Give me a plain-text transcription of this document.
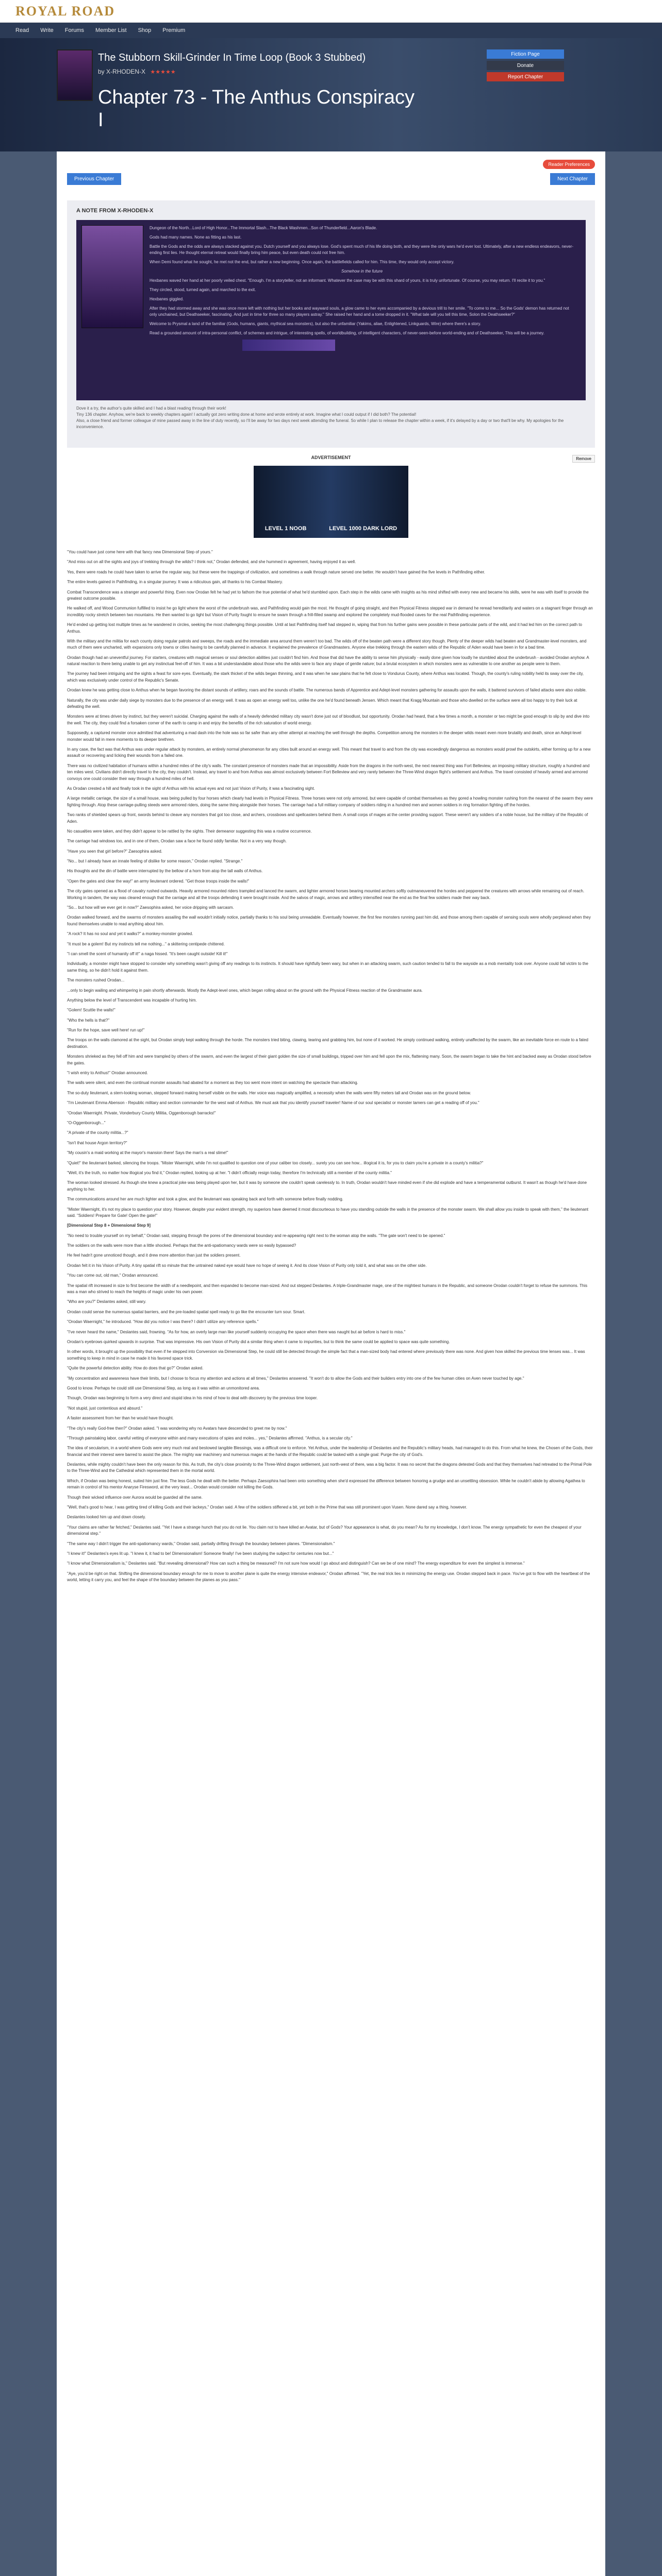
ROYAL ROAD
Read Write Forums Member List Shop Premium
The Stubborn Skill-Grinder In Time Loop (Book 3 Stubbed)
by X-RHODEN-X ★★★★★
Chapter 73 - The Anthus Conspiracy I
Fiction Page
Donate
Report Chapter
Reader Preferences
Previous Chapter	Next Chapter
A NOTE FROM X-RHODEN-X

Dungeon of the North...Lord of High Honor...The Immortal Slash...The Black Washmen...Son of Thunderfield...Aaron's Blade.

Gods had many names. None as fitting as his last.

Battle the Gods and the odds are always stacked against you. Dutch yourself and you always lose. God's spent much of his life doing both, and they were the only wars he'd ever lost. Ultimately, after a new endless endeavors, never-ending first lies. He thought eternal retreat would finally bring him peace, but even death could not free him.

When Demi found what he sought, he met not the end, but rather a new beginning. Once again, the battlefields called for him. This time, they would only accept victory.

Somehow in the future

Hexbanes waved her hand at her poorly veiled chest. "Enough. I'm a storyteller, not an informant. Whatever the case may be with this shard of yours, it is truly unfortunate. Of course, you may return. I'll recite it to you."

They circled, stood, turned again, and marched to the exit.

Hexbanes giggled.

After they had stormed away and she was once more left with nothing but her books and wayward souls, a glow came to her eyes accompanied by a devious trill to her smile. "To come to me... So the Gods' demon has returned not only unchained, but Deathseeker, fascinating. And just in time for three so many players astray." She raised her hand and a tome dropped in it. "What tale will you tell this time, Solon the Deathseeker?"

Welcome to Prysmal a land of the familiar (Gods, humans, giants, mythical sea monsters), but also the unfamiliar (Yakims, aliae, Enlightened, Linkguards, Wire) where there's a story.

Read a grounded amount of intra-personal conflict, of schemes and intrigue, of interesting spells, of worldbuilding, of intelligent characters, of never-seen-before world-ending and of Deathseeker, This will be a journey.

Dove it a try, the author's quite skilled and I had a blast reading through their work!

Tiny 136 chapter. Anyhow, we're back to weekly chapters again! I actually got zero writing done at home and wrote entirely at work. Imagine what I could output if I did both? The potential!

Also, a close friend and former colleague of mine passed away in the line of duty recently, so I'll be away for two days next week attending the funeral. So while I plan to release the chapter within a week, if it's delayed by a day or two that'll be why. My apologies for the inconvenience.

ADVERTISEMENT	Remove
LEVEL 1 NOOB	LEVEL 1000 DARK LORD

"You could have just come here with that fancy new Dimensional Step of yours."

"And miss out on all the sights and joys of trekking through the wilds? I think not," Orodan defended, and she hummed in agreement, having enjoyed it as well.

Yes, there were roads he could have taken to arrive the regular way, but these were the trappings of civilization, and sometimes a walk through nature served one better. He wouldn't have gained the five levels in Pathfinding either.

The entire levels gained in Pathfinding, in a singular journey. It was a ridiculous gain, all thanks to his Combat Mastery.

Combat Transcendence was a stranger and powerful thing. Even now Orodan felt he had yet to fathom the true potential of what he'd stumbled upon. Each step in the wilds came with insights as his mind shifted with every new and became his skills, were he was with itself to provide the greatest outcome possible.

He walked off, and Wood Communion fulfilled to insist he go light where the worst of the underbrush was, and Pathfinding would gain the most. He thought of going straight, and then Physical Fitness stepped war in demand he reread hereditarily and waters on a stagnant finger through an incredibly rocky stretch between two mountains. He then wanted to go tight but Vision of Purity fought to ensure he swam through a frill-filled swamp and explored the completely mud-flooded caves for the real Pathfinding experience.

He'd ended up getting lost multiple times as he wandered in circles, seeking the most challenging things possible. Until at last Pathfinding itself had stepped in, wiping that from his further gains were possible in these particular parts of the wild, and it had led him on the correct path to Anthus.

With the military and the militia for each county doing regular patrols and sweeps, the roads and the immediate area around them weren't too bad. The wilds off of the beaten path were a different story though. Plenty of the deeper wilds had beaten and Grandmaster-level monsters, and much of them were uncharted, with expansions only towns or cities having to be carefully planned in advance. It explained the prevalence of Grandmasters. Anyone else trekking through the eastern wilds of the Republic of Aden would have been in for a bad time.

Orodan though had an uneventful journey. For starters, creatures with magical senses or soul detection abilities just couldn't find him. And those that did have the ability to sense him physically - easily done given how loudly he stumbled about the underbrush - avoided Orodan anyhow. A natural reaction to there being unable to get any instinctual feel-off of him. It was a bit understandable about those who the wilds were to face any shape of gentle nature; but a brutal ecosystem in which monsters were as vulnerable to one another as people were to them.

The journey had been intriguing and the sights a feast for sore eyes. Eventually, the stark thicket of the wilds began thinning, and it was when he saw plains that he felt close to Vondurus County, where Anthus was located. Though, the county's ruling nobility held its sway over the city, which was exclusively under control of the Republic's Senate.

Orodan knew he was getting close to Anthus when he began favoring the distant sounds of artillery, roars and the sounds of battle. The numerous bands of Apprentice and Adept-level monsters gathering for assaults upon the walls, it battered survivors of failed attacks were also visible.

Naturally, the city was under daily siege by monsters due to the presence of an energy well. It was as open an energy well too, unlike the one he'd found beneath Jensen. Which meant that Kragg Mountain and those who dwelled on the surface were all too happy to try their luck at defeating the well.

Monsters were at times driven by instinct, but they weren't suicidal. Charging against the walls of a heavily defended military city wasn't done just out of bloodlust, but opportunity. Orodan had heard, that a few times a month, a monster or two might be good enough to slip by and dive into the well. The city, they could find a forsaken corner of the earth to camp in and enjoy the benefits of the rich saturation of world energy.

Supposedly, a captured monster once admitted that adventuring a mad dash into the hole was so far safer than any other attempt at reaching the well through the depths. Competition among the monsters in the deeper wilds meant even more brutality and death, since an Adept-level monster would fall in mere moments to its deeper brethren.

In any case, the fact was that Anthus was under regular attack by monsters, an entirely normal phenomenon for any cities built around an energy well. This meant that travel to and from the city was exceedingly dangerous as monsters would prowl the outskirts, either forming up for a new assault or recovering and licking their wounds from a failed one.

There was no civilized habitation of humans within a hundred miles of the city's walls. The constant presence of monsters made that an impossibility. Aside from the dragons in the north-west, the next nearest thing was Fort Belleview, an imposing military structure, roughly a hundred and ten miles west. Civilians didn't directly travel to the city, they couldn't. Instead, any travel to and from Anthus was almost exclusively between Fort Belleview and very rarely between the Three-Wind dragon flight's settlement and Anthus. The travel consisted of heavily armed and armored convoys one could consider their way through a hundred miles of hell.

As Orodan crested a hill and finally took in the sight of Anthus with his actual eyes and not just Vision of Purity, it was a fascinating sight.

A large metallic carriage, the size of a small house, was being pulled by four horses which clearly had levels in Physical Fitness. Three horses were not only armored, but were capable of combat themselves as they gored a howling monster rushing from the nearest of the swarm they were fighting through. Atop these carriage-pulling steeds were armored riders, doing the same thing alongside their horses. The carriage had a full military company of soldiers riding in a hundred men and women soldiers in ring formation fighting off the hordes.

Two ranks of shielded spears up front, swords behind to cleave any monsters that got too close, and archers, crossbows and spellcasters behind them. A small corps of mages at the center providing support. These weren't any soldiers of a noble house, but the military of the Republic of Aden.

No casualties were taken, and they didn't appear to be rattled by the sights. Their demeanor suggesting this was a routine occurrence.

The carriage had windows too, and in one of them, Orodan saw a face he found oddly familiar. Not in a very way though.

"Have you seen that girl before?" Zaesophira asked.

"No... but I already have an innate feeling of dislike for some reason," Orodan replied. "Strange."

His thoughts and the din of battle were interrupted by the bellow of a horn from atop the tall walls of Anthus.

"Open the gates and clear the way!" an army lieutenant ordered. "Get those troops inside the walls!"

The city gates opened as a flood of cavalry rushed outwards. Heavily armored mounted riders trampled and lanced the swarm, and lighter armored horses bearing mounted archers softly outmaneuvered the hordes and peppered the creatures with arrows while remaining out of reach. Working in tandem, the way was cleared enough that the carriage and all the troops defending it were brought inside. And the salvos of magic, arrows and artillery intensified near the end as the final few soldiers made their way back.

"So... but how will we ever get in now?" Zaesophira asked, her voice dripping with sarcasm.

Orodan walked forward, and the swarms of monsters assailing the wall wouldn't initially notice, partially thanks to his soul being unreadable. Eventually however, the first few monsters running past him did, and those among them capable of sensing souls were wholly perplexed when they found themselves unable to read anything about him.

"A rock? It has no soul and yet it walks?" a monkey-monster growled.

"It must be a golem! But my instincts tell me nothing..." a skittering centipede chittered.

"I can smell the scent of humanity off it!" a naga hissed. "It's been caught outside! Kill it!"

Individually, a monster might have stopped to consider why something wasn't giving off any readings to its instincts. It should have rightfully been wary, but when in an attacking swarm, such caution tended to fall to the wayside as a mob mentality took over. Anyone could fall victim to the same thing, so he didn't hold it against them.

The monsters rushed Orodan...

...only to begin wailing and whimpering in pain shortly afterwards. Mostly the Adept-level ones, which began rolling about on the ground with the Physical Fitness reaction of the Grandmaster aura.

Anything below the level of Transcendent was incapable of hurting him.

"Golem! Scuttle the walls!"

"Who the hells is that?"

"Run for the hope, save well here! run up!"

The troops on the walls clamored at the sight, but Orodan simply kept walking through the horde. The monsters tried biting, clawing, tearing and grabbing him, but none of it worked. He simply continued walking, entirely unaffected by the swarm, like an inevitable force en route to a fated destination.

Monsters shrieked as they fell off him and were trampled by others of the swarm, and even the largest of their giant golden the size of small buildings, tripped over him and fell upon the mix, flattening many. Soon, the swarm began to take the hint and backed away as Orodan stood before the gates.

"I wish entry to Anthus!" Orodan announced.

The walls were silent, and even the continual monster assaults had abated for a moment as they too went more intent on watching the spectacle than attacking.

The so-duty lieutenant, a stern-looking woman, stepped forward making herself visible on the walls. Her voice was magically amplified, a necessity when the walls were fifty meters tall and Orodan was on the ground below.

"I'm Lieutenant Emma Abenson - Republic military and section commander for the west wall of Anthus. We must ask that you identify yourself traveler! Name of our soul specialist or monster tamers can get a reading off of you."

"Orodan Waernight. Private, Vonderbury County Militia, Oggenborough barracks!"

"O-Oggenborough..."

"A private of the county militia...?"

"Isn't that house Argon territory?"

"My cousin's a maid working at the mayor's mansion there! Says the man's a real slime!"

"Quiet!" the lieutenant barked, silencing the troops. "Mister Waernight, while I'm not qualified to question one of your caliber too closely... surely you can see how... illogical it is, for you to claim you're a private in a county's militia?"

"Well, it's the truth, no matter how illogical you find it," Orodan replied, looking up at her. "I didn't officially resign today, therefore I'm technically still a member of the county militia."

The woman looked stressed. As though she knew a practical joke was being played upon her, but it was by someone she couldn't speak carelessly to. In truth, Orodan wouldn't have minded even if she did explode and have a temperamental outburst. It wasn't as though he'd have done anything to her.

The communications around her are much lighter and took a glow, and the lieutenant was speaking back and forth with someone before finally nodding.

"Mister Waernight, it's not my place to question your story. However, despite your evident strength, my superiors have deemed it most discourteous to have you standing outside the walls in the presence of the monster swarm. We shall allow you inside to speak with them," the lieutenant said. "Soldiers! Prepare for Gate! Open the gate!"

[Dimensional Step 8 + Dimensional Step 9]

"No need to trouble yourself on my behalf," Orodan said, stepping through the pores of the dimensional boundary and re-appearing right next to the woman atop the walls. "The gate won't need to be opened."

The soldiers on the walls were more than a little shocked. Perhaps that the anti-spatiomancy wards were so easily bypassed?

He feel hadn't gone unnoticed though, and it drew more attention than just the soldiers present.

Orodan felt it in his Vision of Purity. A tiny spatial rift so minute that the untrained naked eye would have no hope of seeing it. And its close Vision of Purity only told it, and what was on the other side.

"You can come out, old man," Orodan announced.

The spatial rift increased in size to first become the width of a needlepoint, and then expanded to become man-sized. And out stepped Deslantes. A triple-Grandmaster mage, one of the mightiest humans in the Republic, and someone Orodan couldn't forget to refuse the summons. This was a man who strived to reach the heights of magic under his own power.

"Who are you?" Deslantes asked, still wary.

Orodan could sense the numerous spatial barriers, and the pre-loaded spatial spell ready to go like the encounter turn sour. Smart.

"Orodan Waernight," he introduced. "How did you notice I was there? I didn't utilize any reference spells."

"I've never heard the name," Deslantes said, frowning. "As for how, an overly large man like yourself suddenly occupying the space when there was naught but air before is hard to miss."

Orodan's eyebrows quirked upwards in surprise. That was impressive. His own Vision of Purity did a similar thing when it came to impurities, but to think the same could be applied to space was quite something.

In other words, it brought up the possibility that even if he stepped into Conversion via Dimensional Step, he could still be detected through the simple fact that a man-sized body had entered where previously there was none. And given how skilled the previous time lenses was... It was something to keep in mind in case he made it his favored space trick.

"Quite the powerful detection ability. How do does that go?" Orodan asked.

"My concentration and awareness have their limits, but I choose to focus my attention and actions at all times," Deslantes answered. "It won't do to allow the Gods and their builders entry into one of the few human cities on Aven never touched by age."

Good to know. Perhaps he could still use Dimensional Step, as long as it was within an unmonitored area.

Though, Orodan was beginning to form a very direct and stupid idea in his mind of how to deal with discovery by the previous time looper.

"Not stupid, just contentious and absurd."

A faster assessment from her than he would have thought.

"The city's really God-free then?" Orodan asked. "I was wondering why no Avatars have descended to greet me by now."

"Through painstaking labor, careful vetting of everyone within and many executions of spies and moles... yes," Deslantes affirmed. "Anthus, is a secular city."

The idea of secularism, in a world where Gods were very much real and bestowed tangible Blessings, was a difficult one to enforce. Yet Anthus, under the leadership of Deslantes and the Republic's military heads, had managed to do this. From what he knew, the Chosen of the Gods, their financial and their interest were barred to assist the place. The mighty war machinery and numerous mages at the hands of the Republic could be tasked with a single goal: Purge the city of God's.

Deslantes, while mighty couldn't have been the only reason for this. As truth, the city's close proximity to the Three-Wind dragon settlement, just north-west of there, was a big factor. It was no secret that the dragons detested Gods and that they themselves had retreated to the Primal Pole to the Three-Wind and the Cathedral which represented them in the mortal world.

Which, if Orodan was being honest, suited him just fine. The less Gods he dealt with the better. Perhaps Zaesophira had been onto something when she'd expressed the difference between honoring a grudge and an unsettling obsession. While he couldn't abide by allowing Agathea to remain in control of his mentor Anaryse Firesword, at the very least... Orodan would consider not killing the Gods.

Though their wicked influence over Aurora would be guarded all the same.

"Well, that's good to hear, I was getting tired of killing Gods and their lackeys," Orodan said. A few of the soldiers stiffened a bit, yet both in the Prime that was still prominent upon Vusen. None dared say a thing, however.

Deslantes looked him up and down closely.

"Your claims are rather far fetched," Deslantes said. "Yet I have a strange hunch that you do not lie. You claim not to have killed an Avatar, but of Gods? Your appearance is what, do you mean? As for my knowledge, I don't know. The energy sympathetic for even the cheapest of your dimensional step."

"The same way I didn't trigger the anti-spatiomancy wards," Orodan said, partially drifting through the boundary between planes. "Dimensionalism."

"I knew it!" Deslantes's eyes lit up. "I knew it, it had to be! Dimensionalism! Someone finally! I've been studying the subject for centuries now but..."

"I know what Dimensionalism is," Deslantes said. "But revealing dimensional? How can such a thing be measured? I'm not sure how would I go about and distinguish? Can we be of one mind? The energy expenditure for even the simplest is immense."

"Aye, you'd be right on that. Shifting the dimensional boundary enough for me to move to another plane is quite the energy intensive endeavor," Orodan affirmed. "Yet, the real trick lies in minimizing the energy use. Orodan stepped back in pace. You've got to flow with the heartbeat of the world, letting it carry you, and feel the shape of the boundary between the planes as you pass."
